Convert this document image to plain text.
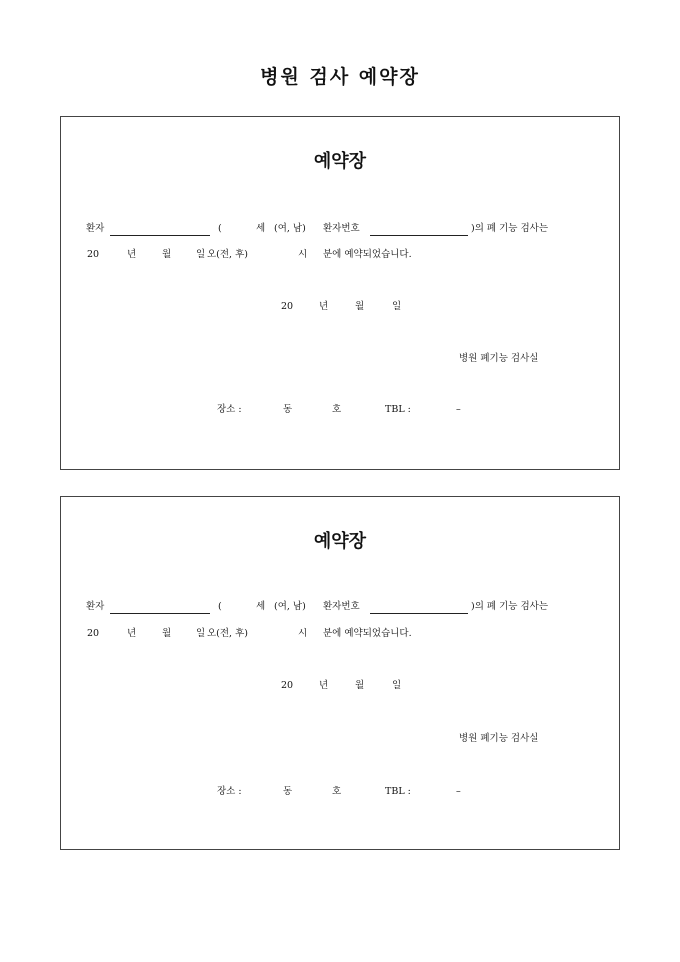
병원 검사 예약장
예약장
환자	(	세 (여, 남) 환자번호	)의 폐 기능 검사는
20	년	월	일 오(전, 후)	시 분에 예약되었습니다.
20	년	월	일
병원 폐기능 검사실
장소 :	동	호	TBL :	–
예약장
환자	(	세 (여, 남) 환자번호	)의 폐 기능 검사는
20	년	월	일 오(전, 후)	시 분에 예약되었습니다.
20	년	월	일
병원 폐기능 검사실
장소 :	동	호	TBL :	–
